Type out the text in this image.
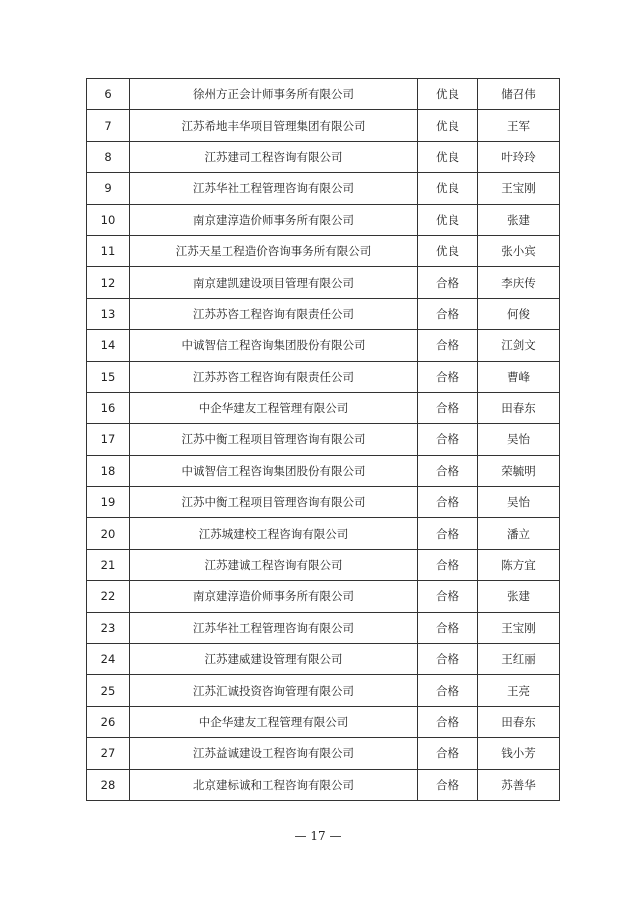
6	徐州方正会计师事务所有限公司	优良	储召伟
7	江苏希地丰华项目管理集团有限公司	优良	王军
8	江苏建司工程咨询有限公司	优良	叶玲玲
9	江苏华社工程管理咨询有限公司	优良	王宝刚
10	南京建淳造价师事务所有限公司	优良	张建
11	江苏天星工程造价咨询事务所有限公司	优良	张小宾
12	南京建凯建设项目管理有限公司	合格	李庆传
13	江苏苏咨工程咨询有限责任公司	合格	何俊
14	中诚智信工程咨询集团股份有限公司	合格	江剑文
15	江苏苏咨工程咨询有限责任公司	合格	曹峰
16	中企华建友工程管理有限公司	合格	田春东
17	江苏中衡工程项目管理咨询有限公司	合格	吴怡
18	中诚智信工程咨询集团股份有限公司	合格	荣毓明
19	江苏中衡工程项目管理咨询有限公司	合格	吴怡
20	江苏城建校工程咨询有限公司	合格	潘立
21	江苏建诚工程咨询有限公司	合格	陈方宜
22	南京建淳造价师事务所有限公司	合格	张建
23	江苏华社工程管理咨询有限公司	合格	王宝刚
24	江苏建威建设管理有限公司	合格	王红丽
25	江苏汇诚投资咨询管理有限公司	合格	王亮
26	中企华建友工程管理有限公司	合格	田春东
27	江苏益诚建设工程咨询有限公司	合格	钱小芳
28	北京建标诚和工程咨询有限公司	合格	苏善华
— 17 —
